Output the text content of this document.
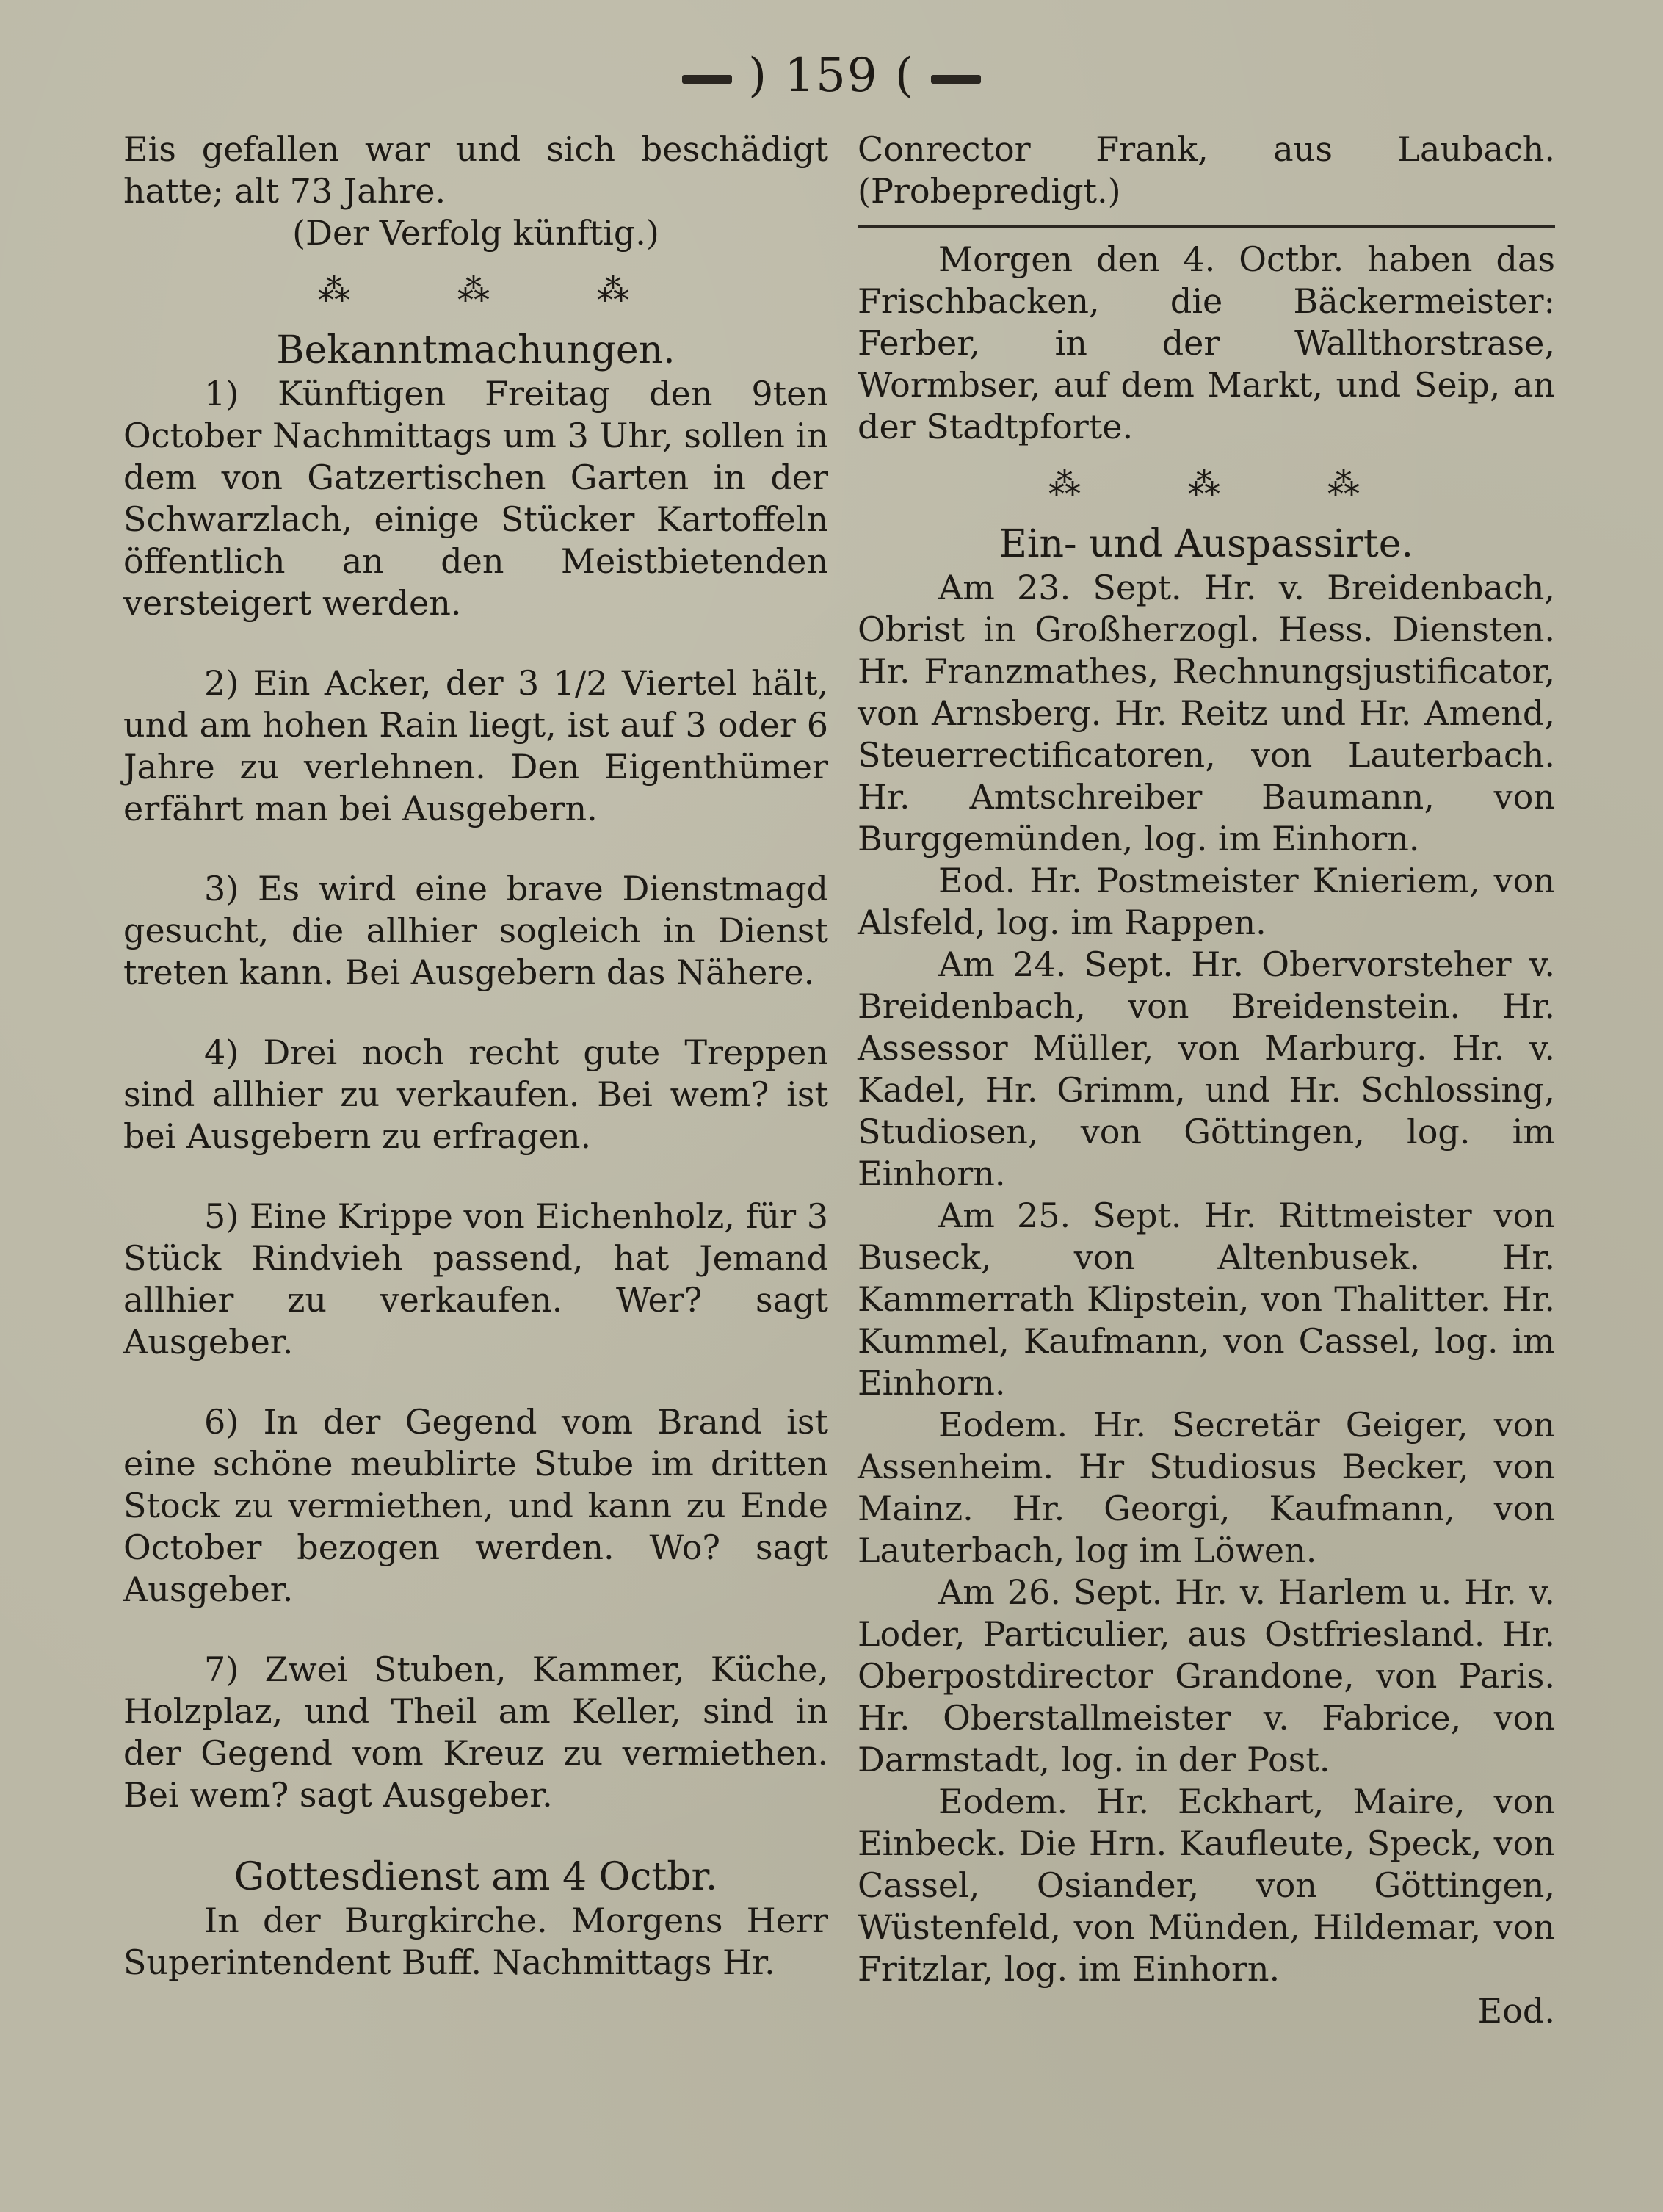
) 159 (

Eis gefallen war und sich beschädigt hatte; alt 73 Jahre.

(Der Verfolg künftig.)

⁂	⁂	⁂

Bekanntmachungen.

1) Künftigen Freitag den 9ten October Nachmittags um 3 Uhr, sollen in dem von Gatzertischen Garten in der Schwarzlach, einige Stücker Kartoffeln öffentlich an den Meistbietenden versteigert werden.

2) Ein Acker, der 3 1/2 Viertel hält, und am hohen Rain liegt, ist auf 3 oder 6 Jahre zu verlehnen. Den Eigenthümer erfährt man bei Ausgebern.

3) Es wird eine brave Dienstmagd gesucht, die allhier sogleich in Dienst treten kann. Bei Ausgebern das Nähere.

4) Drei noch recht gute Treppen sind allhier zu verkaufen. Bei wem? ist bei Ausgebern zu erfragen.

5) Eine Krippe von Eichenholz, für 3 Stück Rindvieh passend, hat Jemand allhier zu verkaufen. Wer? sagt Ausgeber.

6) In der Gegend vom Brand ist eine schöne meublirte Stube im dritten Stock zu vermiethen, und kann zu Ende October bezogen werden. Wo? sagt Ausgeber.

7) Zwei Stuben, Kammer, Küche, Holzplaz, und Theil am Keller, sind in der Gegend vom Kreuz zu vermiethen. Bei wem? sagt Ausgeber.

Gottesdienst am 4 Octbr.

In der Burgkirche. Morgens Herr Superintendent Buff. Nachmittags Hr.

Conrector Frank, aus Laubach. (Probepredigt.)

Morgen den 4. Octbr. haben das Frischbacken, die Bäckermeister: Ferber, in der Wallthorstrase, Wormbser, auf dem Markt, und Seip, an der Stadtpforte.

⁂	⁂	⁂

Ein- und Auspassirte.

Am 23. Sept. Hr. v. Breidenbach, Obrist in Großherzogl. Hess. Diensten. Hr. Franzmathes, Rechnungsjustificator, von Arnsberg. Hr. Reitz und Hr. Amend, Steuerrectificatoren, von Lauterbach. Hr. Amtschreiber Baumann, von Burggemünden, log. im Einhorn.

Eod. Hr. Postmeister Knieriem, von Alsfeld, log. im Rappen.

Am 24. Sept. Hr. Obervorsteher v. Breidenbach, von Breidenstein. Hr. Assessor Müller, von Marburg. Hr. v. Kadel, Hr. Grimm, und Hr. Schlossing, Studiosen, von Göttingen, log. im Einhorn.

Am 25. Sept. Hr. Rittmeister von Buseck, von Altenbusek. Hr. Kammerrath Klipstein, von Thalitter. Hr. Kummel, Kaufmann, von Cassel, log. im Einhorn.

Eodem. Hr. Secretär Geiger, von Assenheim. Hr Studiosus Becker, von Mainz. Hr. Georgi, Kaufmann, von Lauterbach, log im Löwen.

Am 26. Sept. Hr. v. Harlem u. Hr. v. Loder, Particulier, aus Ostfriesland. Hr. Oberpostdirector Grandone, von Paris. Hr. Oberstallmeister v. Fabrice, von Darmstadt, log. in der Post.

Eodem. Hr. Eckhart, Maire, von Einbeck. Die Hrn. Kaufleute, Speck, von Cassel, Osiander, von Göttingen, Wüstenfeld, von Münden, Hildemar, von Fritzlar, log. im Einhorn.

Eod.
